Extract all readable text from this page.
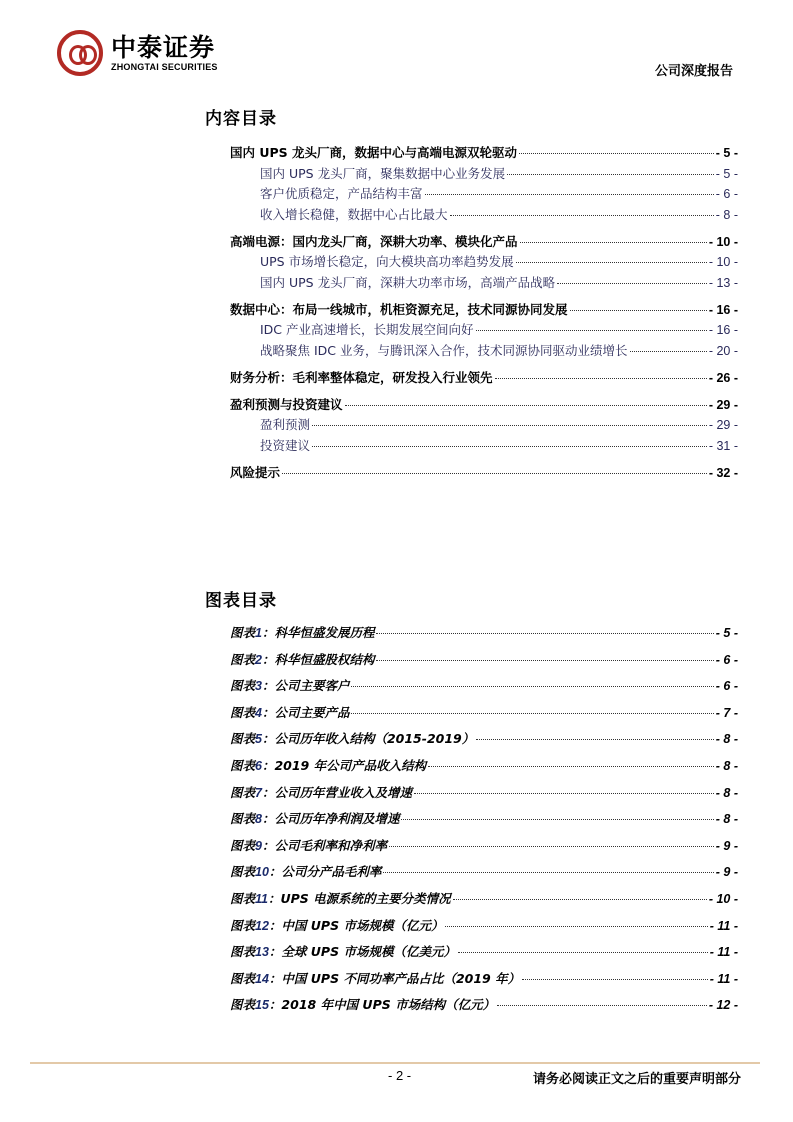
中泰证券
ZHONGTAI SECURITIES	公司深度报告
内容目录
国内 UPS 龙头厂商，数据中心与高端电源双轮驱动	- 5 -
国内 UPS 龙头厂商，聚集数据中心业务发展	- 5 -
客户优质稳定，产品结构丰富	- 6 -
收入增长稳健，数据中心占比最大	- 8 -
高端电源：国内龙头厂商，深耕大功率、模块化产品	- 10 -
UPS 市场增长稳定，向大模块高功率趋势发展	- 10 -
国内 UPS 龙头厂商，深耕大功率市场，高端产品战略	- 13 -
数据中心：布局一线城市，机柜资源充足，技术同源协同发展	- 16 -
IDC 产业高速增长，长期发展空间向好	- 16 -
战略聚焦 IDC 业务，与腾讯深入合作，技术同源协同驱动业绩增长	- 20 -
财务分析：毛利率整体稳定，研发投入行业领先	- 26 -
盈利预测与投资建议	- 29 -
盈利预测	- 29 -
投资建议	- 31 -
风险提示	- 32 -
图表目录
图表1：科华恒盛发展历程	- 5 -
图表2：科华恒盛股权结构	- 6 -
图表3：公司主要客户	- 6 -
图表4：公司主要产品	- 7 -
图表5：公司历年收入结构（2015-2019）	- 8 -
图表6：2019 年公司产品收入结构	- 8 -
图表7：公司历年营业收入及增速	- 8 -
图表8：公司历年净利润及增速	- 8 -
图表9：公司毛利率和净利率	- 9 -
图表10：公司分产品毛利率	- 9 -
图表11：UPS 电源系统的主要分类情况	- 10 -
图表12：中国 UPS 市场规模（亿元）	- 11 -
图表13：全球 UPS 市场规模（亿美元）	- 11 -
图表14：中国 UPS 不同功率产品占比（2019 年）	- 11 -
图表15：2018 年中国 UPS 市场结构（亿元）	- 12 -
- 2 -	请务必阅读正文之后的重要声明部分
